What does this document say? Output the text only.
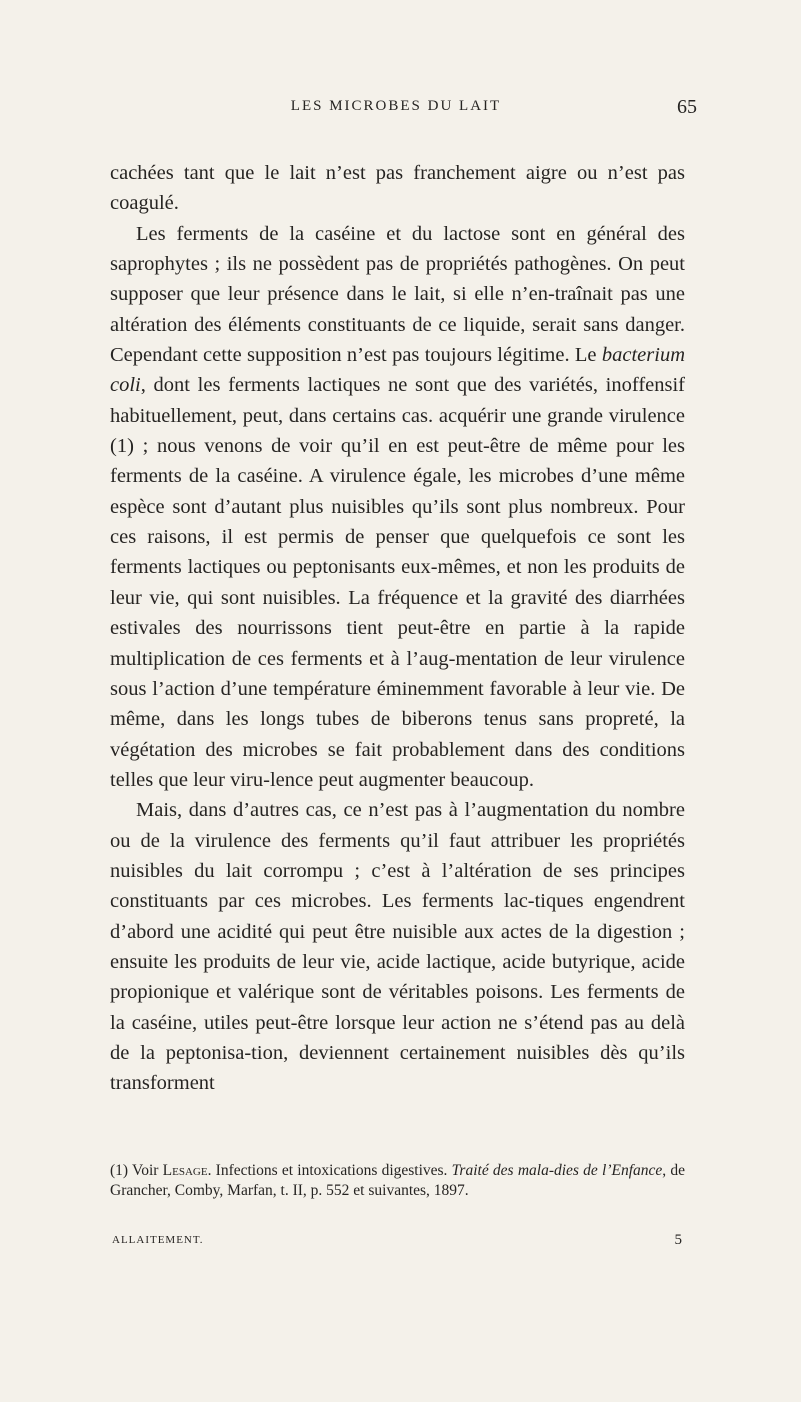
LES MICROBES DU LAIT	65

cachées tant que le lait n’est pas franchement aigre ou n’est pas coagulé.

Les ferments de la caséine et du lactose sont en général des saprophytes ; ils ne possèdent pas de propriétés pathogènes. On peut supposer que leur présence dans le lait, si elle n’en-traînait pas une altération des éléments constituants de ce liquide, serait sans danger. Cependant cette supposition n’est pas toujours légitime. Le bacterium coli, dont les ferments lactiques ne sont que des variétés, inoffensif habituellement, peut, dans certains cas. acquérir une grande virulence (1) ; nous venons de voir qu’il en est peut-être de même pour les ferments de la caséine. A virulence égale, les microbes d’une même espèce sont d’autant plus nuisibles qu’ils sont plus nombreux. Pour ces raisons, il est permis de penser que quelquefois ce sont les ferments lactiques ou peptonisants eux-mêmes, et non les produits de leur vie, qui sont nuisibles. La fréquence et la gravité des diarrhées estivales des nourrissons tient peut-être en partie à la rapide multiplication de ces ferments et à l’aug-mentation de leur virulence sous l’action d’une température éminemment favorable à leur vie. De même, dans les longs tubes de biberons tenus sans propreté, la végétation des microbes se fait probablement dans des conditions telles que leur viru-lence peut augmenter beaucoup.

Mais, dans d’autres cas, ce n’est pas à l’augmentation du nombre ou de la virulence des ferments qu’il faut attribuer les propriétés nuisibles du lait corrompu ; c’est à l’altération de ses principes constituants par ces microbes. Les ferments lac-tiques engendrent d’abord une acidité qui peut être nuisible aux actes de la digestion ; ensuite les produits de leur vie, acide lactique, acide butyrique, acide propionique et valérique sont de véritables poisons. Les ferments de la caséine, utiles peut-être lorsque leur action ne s’étend pas au delà de la peptonisa-tion, deviennent certainement nuisibles dès qu’ils transforment

(1) Voir Lesage. Infections et intoxications digestives. Traité des mala-dies de l’Enfance, de Grancher, Comby, Marfan, t. II, p. 552 et suivantes, 1897.

ALLAITEMENT.	5
